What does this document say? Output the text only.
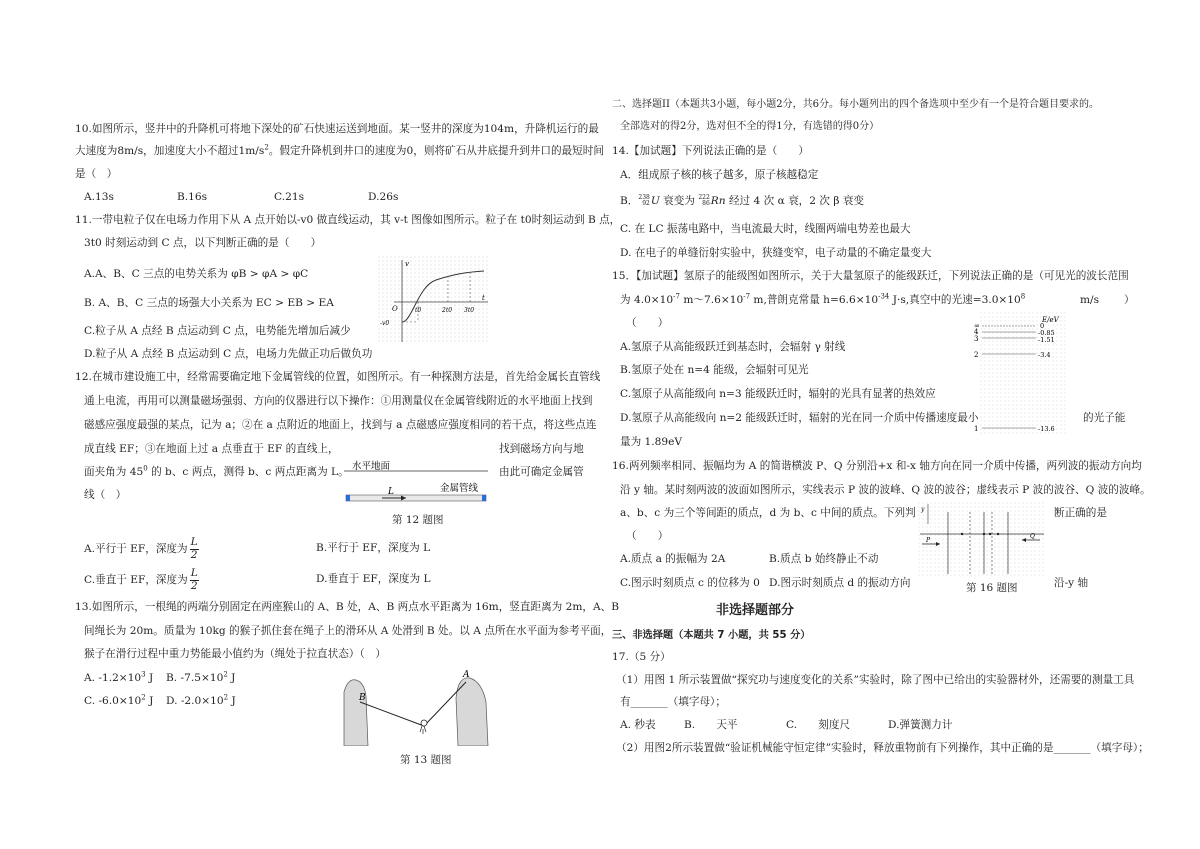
10.如图所示，竖井中的升降机可将地下深处的矿石快速运送到地面。某一竖井的深度为104m，升降机运行的最
大速度为8m/s，加速度大小不超过$1m/s^2$。假定升降机到井口的速度为0，则将矿石从井底提升到井口的最短时间
是（　）
A.13s	B.16s	C.21s	D.26s
11.一带电粒子仅在电场力作用下从 A 点开始以-v0 做直线运动，其 v-t 图像如图所示。粒子在 t0时刻运动到 B 点，
3t0 时刻运动到 C 点，以下判断正确的是（　　）
A.A、B、C 三点的电势关系为 φB > φA > φC
B. A、B、C 三点的场强大小关系为 EC > EB > EA
C.粒子从 A 点经 B 点运动到 C 点，电势能先增加后减少
D.粒子从 A 点经 B 点运动到 C 点，电场力先做正功后做负功
v
t
O	t0	2t0 3t0
-v0
12.在城市建设施工中，经常需要确定地下金属管线的位置，如图所示。有一种探测方法是，首先给金属长直管线
通上电流，再用可以测量磁场强弱、方向的仪器进行以下操作：①用测量仪在金属管线附近的水平地面上找到
磁感应强度最强的某点，记为 a；②在 a 点附近的地面上，找到与 a 点磁感应强度相同的若干点，将这些点连
成直线 EF；③在地面上过 a 点垂直于 EF 的直线上，	找到磁场方向与地
面夹角为 $45^0$ 的 b、c 两点，测得 b、c 两点距离为 L。	由此可确定金属管
线（　）
水平地面
金属管线
L
第 12 题图
A.平行于 EF，深度为 $\frac{L}{2}$	B.平行于 EF，深度为 L
C.垂直于 EF，深度为 $\frac{L}{2}$	D.垂直于 EF，深度为 L
13.如图所示，一根绳的两端分别固定在两座猴山的 A、B 处，A、B 两点水平距离为 16m，竖直距离为 2m，A、B
间绳长为 20m。质量为 10kg 的猴子抓住套在绳子上的滑环从 A 处滑到 B 处。以 A 点所在水平面为参考平面，
猴子在滑行过程中重力势能最小值约为（绳处于拉直状态）（　）
A. $-1.2\times 10^3$ J B. $-7.5\times 10^2$ J
C. $-6.0\times 10^2$ J D. $-2.0\times 10^2$ J
A
B
第 13 题图
二、选择题II（本题共3小题，每小题2分，共6分。每小题列出的四个备选项中至少有一个是符合题目要求的。
全部选对的得2分，选对但不全的得1分，有选错的得0分）
14.【加试题】下列说法正确的是（　　）
A．组成原子核的核子越多，原子核越稳定
B． 238
92 U 衰变为 222
86 Rn 经过 4 次 α 衰，2 次 β 衰变
C. 在 LC 振荡电路中，当电流最大时，线圈两端电势差也最大
D. 在电子的单缝衍射实验中，狭缝变窄，电子动量的不确定量变大
15．【加试题】氢原子的能级图如图所示，关于大量氢原子的能级跃迁，下列说法正确的是（可见光的波长范围
为 $4.0\times 10^{-7}$ $m\sim 7.6\times 10^{-7}$ m,普朗克常量 $h=6.6\times 10^{-34}$ J·s,真空中的光速$=3.0\times 10^8$	m/s ）
（　　）
A.氢原子从高能级跃迁到基态时，会辐射 γ 射线
B.氢原子处在 n=4 能级，会辐射可见光
C.氢原子从高能级向 n=3 能级跃迁时，辐射的光具有显著的热效应
D.氢原子从高能级向 n=2 能级跃迁时，辐射的光在同一介质中传播速度最小	的光子能
量为 1.89eV
E/eV
∞
4
3
2
1
0
-0.85
-1.51
-3.4
-13.6
16.两列频率相同、振幅均为 A 的简谐横波 P、Q 分别沿+x 和-x 轴方向在同一介质中传播，两列波的振动方向均
沿 y 轴。某时刻两波的波面如图所示，实线表示 P 波的波峰、Q 波的波谷；虚线表示 P 波的波谷、Q 波的波峰。
a、b、c 为三个等间距的质点，d 为 b、c 中间的质点。下列判	断正确的是
（　　）
A.质点 a 的振幅为 2A	B.质点 b 始终静止不动
C.图示时刻质点 c 的位移为 0 D.图示时刻质点 d 的振动方向	沿-y 轴
y
P
Q
第 16 题图
非选择题部分
三、非选择题（本题共 7 小题，共 55 分）
17.（5 分）
（1）用图 1 所示装置做“探究功与速度变化的关系”实验时，除了图中已给出的实验器材外，还需要的测量工具
有_______（填字母）；
A. 秒表	B.　　天平	C.　　刻度尺	D.弹簧测力计
（2）用图2所示装置做“验证机械能守恒定律”实验时，释放重物前有下列操作，其中正确的是_______（填字母）；
